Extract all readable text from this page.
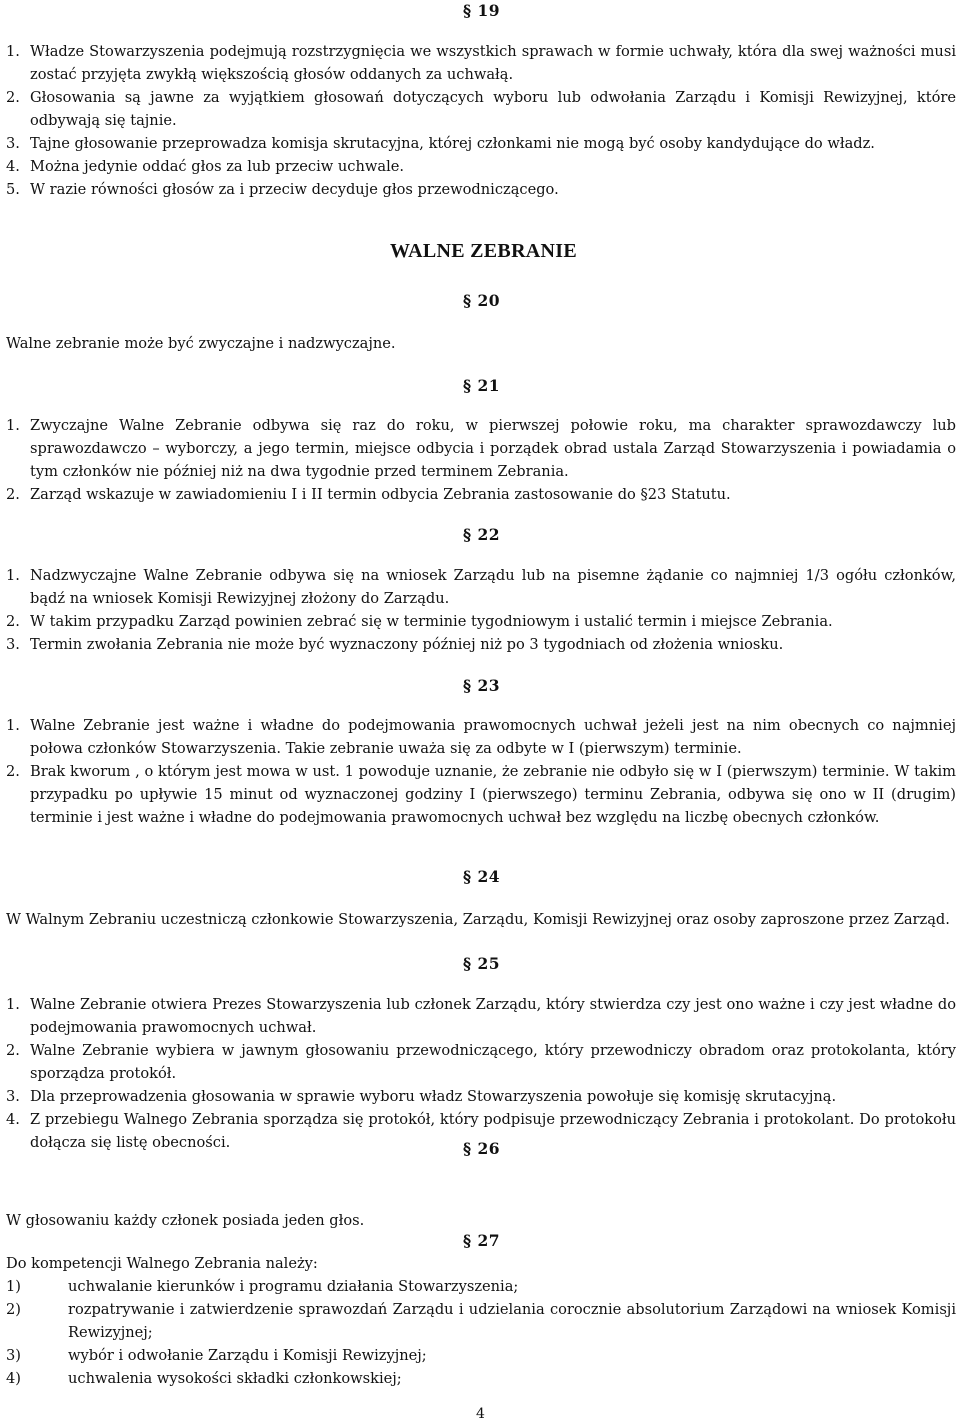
§ 19
1. Władze Stowarzyszenia podejmują rozstrzygnięcia we wszystkich sprawach w formie uchwały, która dla swej ważności musi zostać przyjęta zwykłą większością głosów oddanych za uchwałą.
2. Głosowania są jawne za wyjątkiem głosowań dotyczących wyboru lub odwołania Zarządu i Komisji Rewizyjnej, które odbywają się tajnie.
3. Tajne głosowanie przeprowadza komisja skrutacyjna, której członkami nie mogą być osoby kandydujące do władz.
4. Można jedynie oddać głos za lub przeciw uchwale.
5. W razie równości głosów za i przeciw decyduje głos przewodniczącego.
WALNE ZEBRANIE
§ 20
Walne zebranie może być zwyczajne i nadzwyczajne.
§ 21
1. Zwyczajne Walne Zebranie odbywa się raz do roku, w pierwszej połowie roku, ma charakter sprawozdawczy lub sprawozdawczo – wyborczy, a jego termin, miejsce odbycia i porządek obrad ustala Zarząd Stowarzyszenia i powiadamia o tym członków nie później niż na dwa tygodnie przed terminem Zebrania.
2. Zarząd wskazuje w zawiadomieniu I i II termin odbycia Zebrania zastosowanie do §23 Statutu.
§ 22
1. Nadzwyczajne Walne Zebranie odbywa się na wniosek Zarządu lub na pisemne żądanie co najmniej 1/3 ogółu członków, bądź na wniosek Komisji Rewizyjnej złożony do Zarządu.
2. W takim przypadku Zarząd powinien zebrać się w terminie tygodniowym i ustalić termin i miejsce Zebrania.
3. Termin zwołania Zebrania nie może być wyznaczony później niż po 3 tygodniach od złożenia wniosku.
§ 23
1. Walne Zebranie jest ważne i władne do podejmowania prawomocnych uchwał jeżeli jest na nim obecnych co najmniej połowa członków Stowarzyszenia. Takie zebranie uważa się za odbyte w I (pierwszym) terminie.
2. Brak kworum , o którym jest mowa w ust. 1 powoduje uznanie, że zebranie nie odbyło się w I (pierwszym) terminie. W takim przypadku po upływie 15 minut od wyznaczonej godziny I (pierwszego) terminu Zebrania, odbywa się ono w II (drugim) terminie i jest ważne i władne do podejmowania prawomocnych uchwał bez względu na liczbę obecnych członków.
§ 24
W Walnym Zebraniu uczestniczą członkowie Stowarzyszenia, Zarządu, Komisji Rewizyjnej oraz osoby zaproszone przez Zarząd.
§ 25
1. Walne Zebranie otwiera Prezes Stowarzyszenia lub członek Zarządu, który stwierdza czy jest ono ważne i czy jest władne do podejmowania prawomocnych uchwał.
2. Walne Zebranie wybiera w jawnym głosowaniu przewodniczącego, który przewodniczy obradom oraz protokolanta, który sporządza protokół.
3. Dla przeprowadzenia głosowania w sprawie wyboru władz Stowarzyszenia powołuje się komisję skrutacyjną.
4. Z przebiegu Walnego Zebrania sporządza się protokół, który podpisuje przewodniczący Zebrania i protokolant. Do protokołu dołącza się listę obecności.	§ 26
W głosowaniu każdy członek posiada jeden głos.
§ 27
Do kompetencji Walnego Zebrania należy:
1)	uchwalanie kierunków i programu działania Stowarzyszenia;
2)	rozpatrywanie i zatwierdzenie sprawozdań Zarządu i udzielania corocznie absolutorium Zarządowi na wniosek Komisji Rewizyjnej;
3)	wybór i odwołanie Zarządu i Komisji Rewizyjnej;
4)	uchwalenia wysokości składki członkowskiej;
4
